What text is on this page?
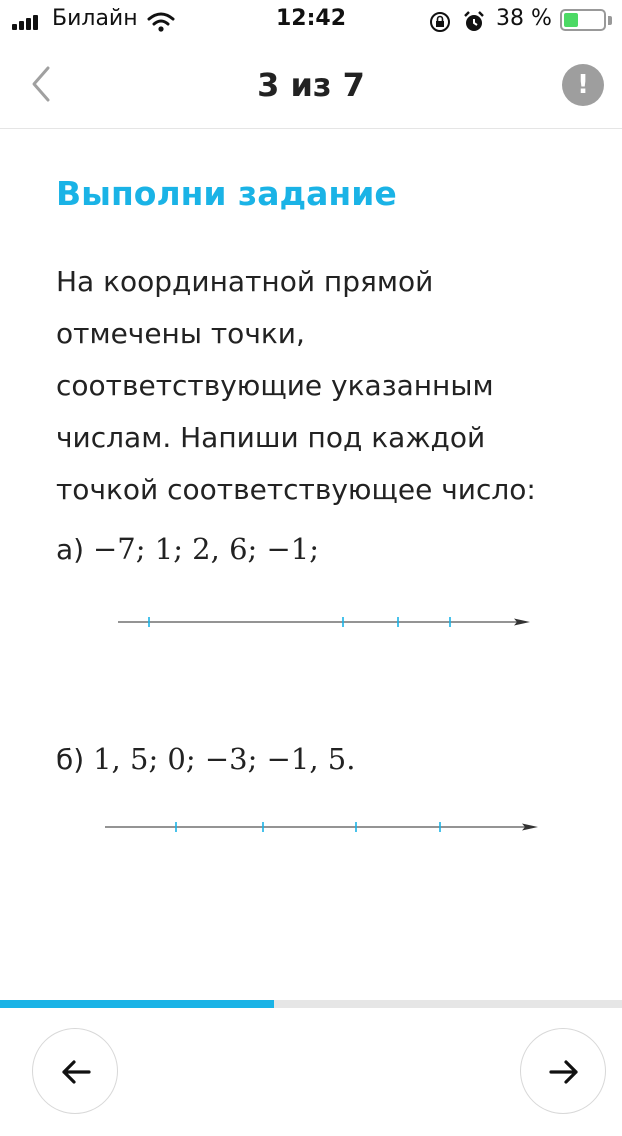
Билайн	12:42	38 %
3 из 7	!
Выполни задание
На координатной прямой отмечены точки, соответствующие указанным числам. Напиши под каждой точкой соответствующее число:
а) −7; 1; 2, 6; −1;
б) 1, 5; 0; −3; −1, 5.
